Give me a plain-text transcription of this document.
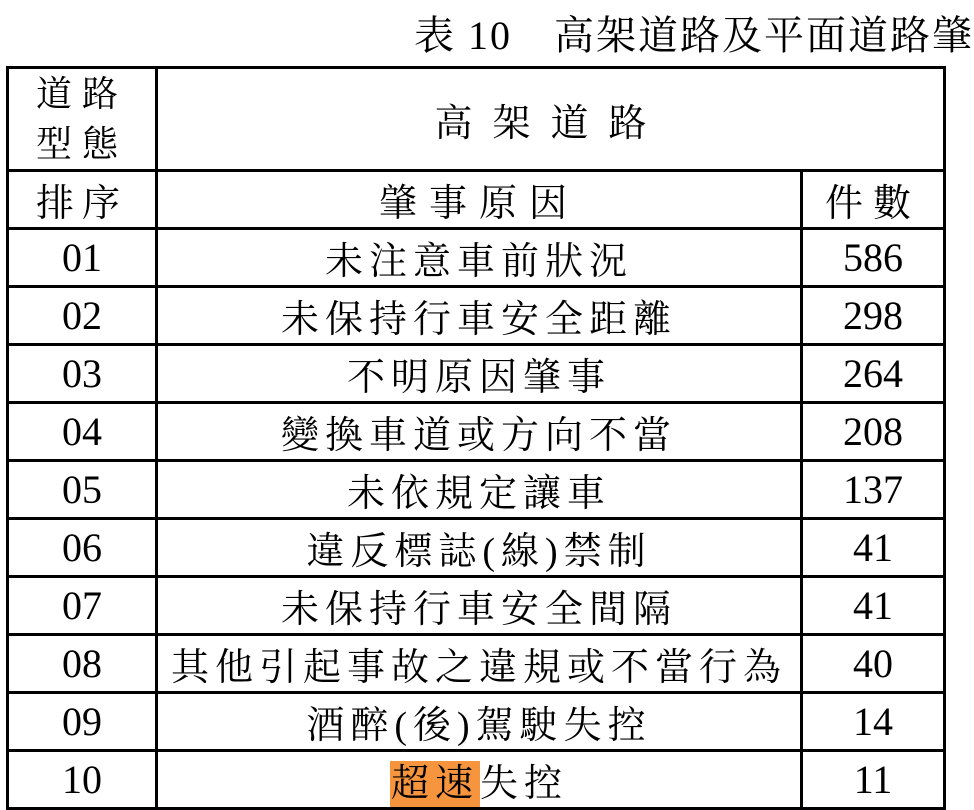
表 10　高架道路及平面道路肇
道路
型態	高架道路	
排序	肇事原因	件數
01	未注意車前狀況	586
02	未保持行車安全距離	298
03	不明原因肇事	264
04	變換車道或方向不當	208
05	未依規定讓車	137
06	違反標誌(線)禁制	41
07	未保持行車安全間隔	41
08	其他引起事故之違規或不當行為	40
09	酒醉(後)駕駛失控	14
10	超速失控	11
